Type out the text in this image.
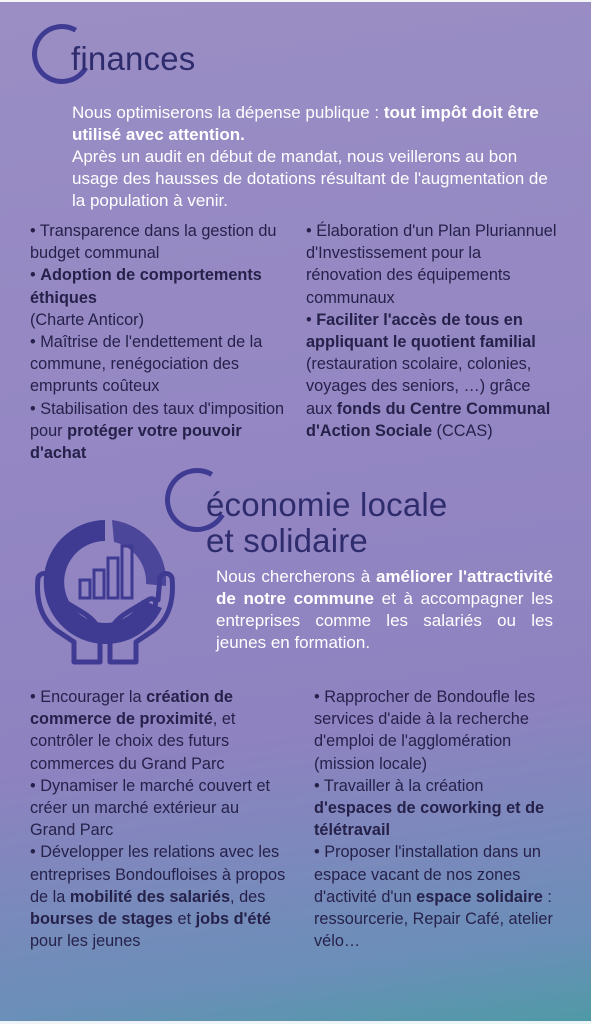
finances
Nous optimiserons la dépense publique : tout impôt doit être utilisé avec attention.
Après un audit en début de mandat, nous veillerons au bon usage des hausses de dotations résultant de l'augmentation de la population à venir.

• Transparence dans la gestion du budget communal

• Adoption de comportements éthiques
(Charte Anticor)

• Maîtrise de l'endettement de la commune, renégociation des emprunts coûteux

• Stabilisation des taux d'imposition pour protéger votre pouvoir d'achat

• Élaboration d'un Plan Pluriannuel d'Investissement pour la rénovation des équipements communaux

• Faciliter l'accès de tous en appliquant le quotient familial (restauration scolaire, colonies, voyages des seniors, …) grâce aux fonds du Centre Communal d'Action Sociale (CCAS)

économie locale
et solidaire
Nous chercherons à améliorer l'attractivité de notre commune et à accompagner les entreprises comme les salariés ou les jeunes en formation.

• Encourager la création de commerce de proximité, et contrôler le choix des futurs commerces du Grand Parc

• Dynamiser le marché couvert et créer un marché extérieur au Grand Parc

• Développer les relations avec les entreprises Bondoufloises à propos de la mobilité des salariés, des bourses de stages et jobs d'été pour les jeunes

• Rapprocher de Bondoufle les services d'aide à la recherche d'emploi de l'agglomération (mission locale)

• Travailler à la création d'espaces de coworking et de télétravail

• Proposer l'installation dans un espace vacant de nos zones d'activité d'un espace solidaire : ressourcerie, Repair Café, atelier vélo…
